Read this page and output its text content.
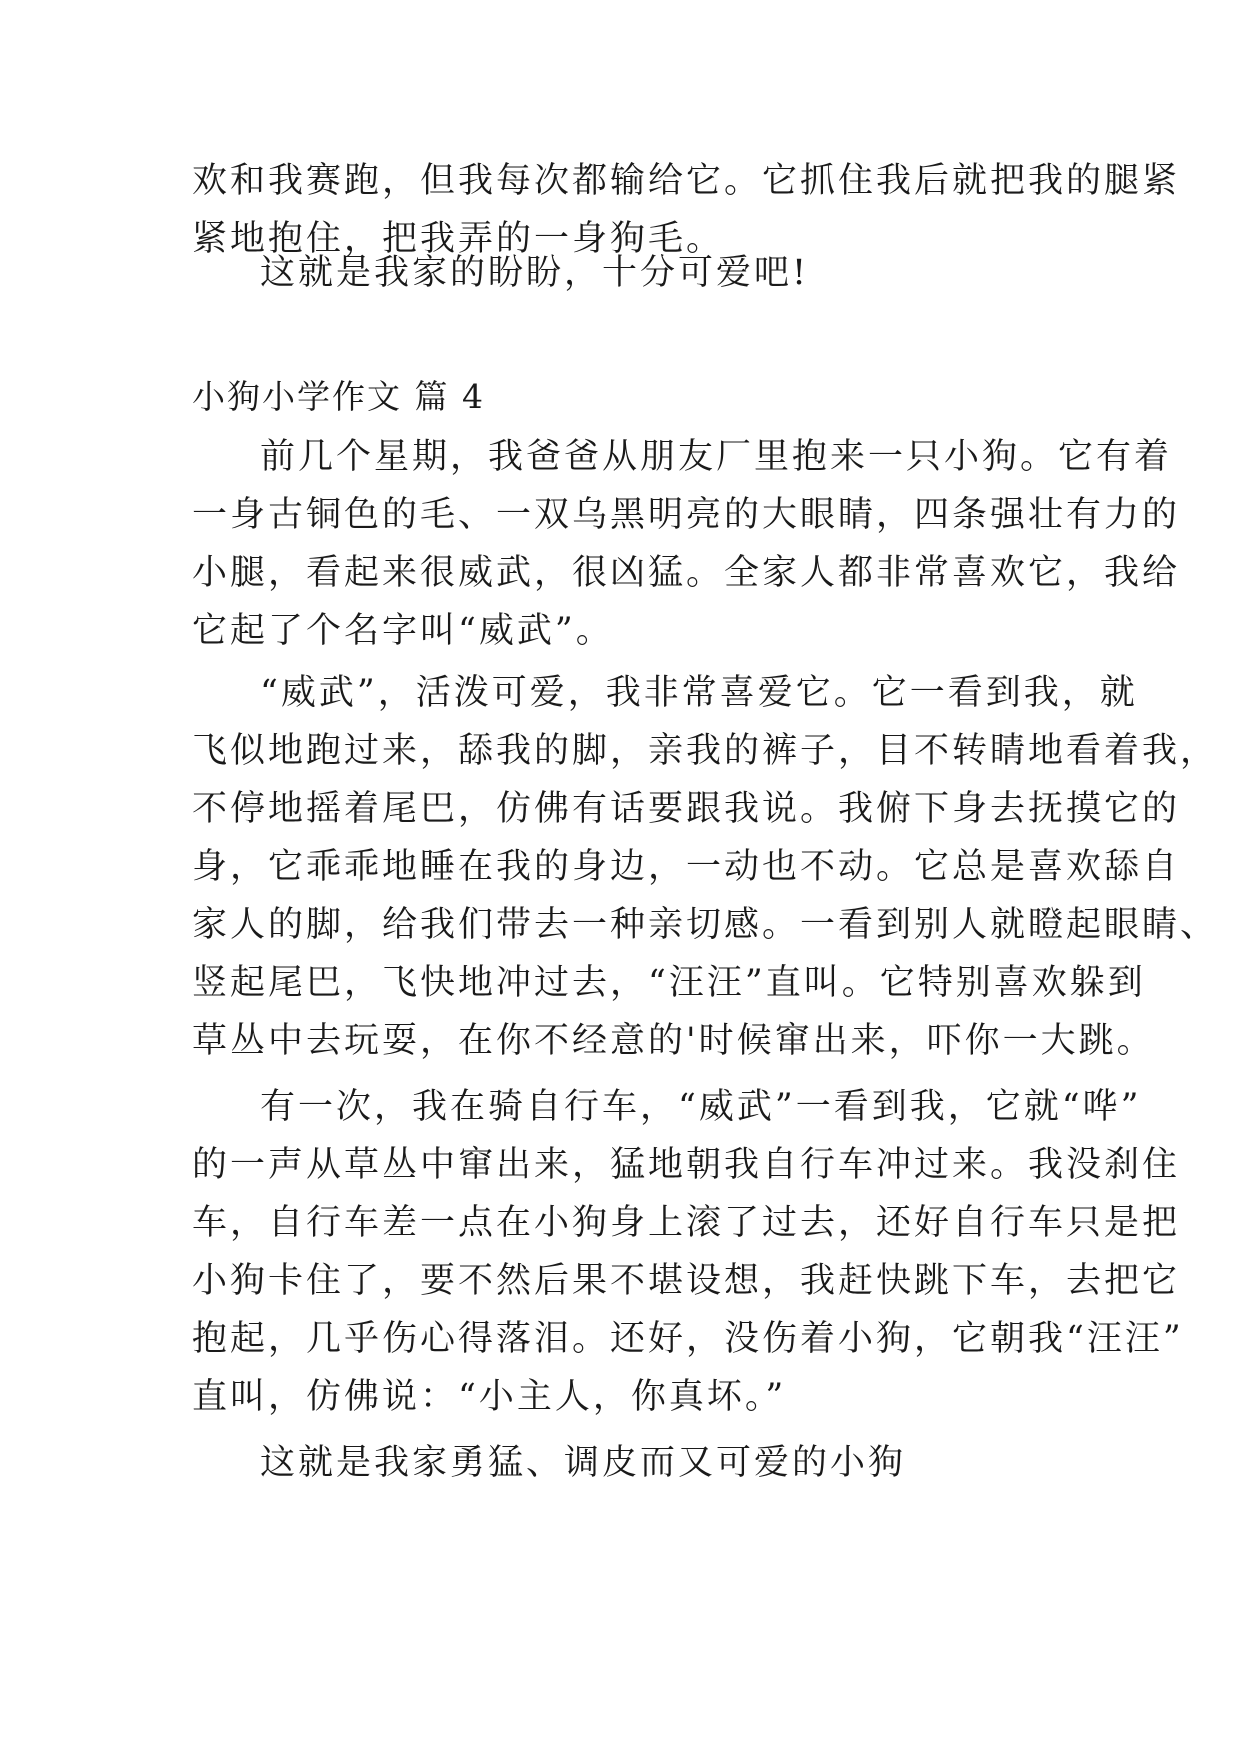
欢和我赛跑，但我每次都输给它。它抓住我后就把我的腿紧
紧地抱住，把我弄的一身狗毛。
这就是我家的盼盼，十分可爱吧!
小狗小学作文 篇 4
前几个星期，我爸爸从朋友厂里抱来一只小狗。它有着
一身古铜色的毛、一双乌黑明亮的大眼睛，四条强壮有力的
小腿，看起来很威武，很凶猛。全家人都非常喜欢它，我给
它起了个名字叫“威武”。
“威武”，活泼可爱，我非常喜爱它。它一看到我，就
飞似地跑过来，舔我的脚，亲我的裤子，目不转睛地看着我，
不停地摇着尾巴，仿佛有话要跟我说。我俯下身去抚摸它的
身，它乖乖地睡在我的身边，一动也不动。它总是喜欢舔自
家人的脚，给我们带去一种亲切感。一看到别人就瞪起眼睛、
竖起尾巴，飞快地冲过去，“汪汪”直叫。它特别喜欢躲到
草丛中去玩耍，在你不经意的'时候窜出来，吓你一大跳。
有一次，我在骑自行车，“威武”一看到我，它就“哗”
的一声从草丛中窜出来，猛地朝我自行车冲过来。我没刹住
车，自行车差一点在小狗身上滚了过去，还好自行车只是把
小狗卡住了，要不然后果不堪设想，我赶快跳下车，去把它
抱起，几乎伤心得落泪。还好，没伤着小狗，它朝我“汪汪”
直叫，仿佛说：“小主人，你真坏。”
这就是我家勇猛、调皮而又可爱的小狗
